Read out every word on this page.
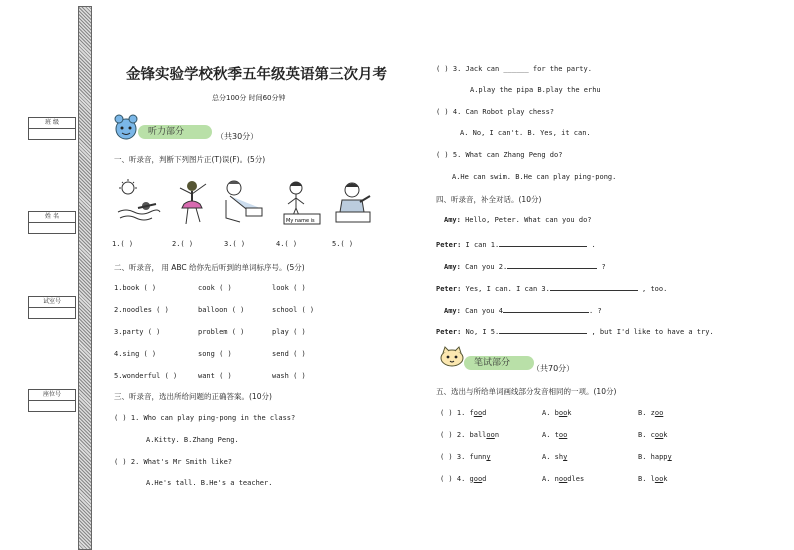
班 级
姓 名
试室号
座位号
金锋实验学校秋季五年级英语第三次月考
总分100分 时间60分钟
听力部分	（共30分）
一、听录音，判断下列图片正(T)误(F)。(5分)
My name is
1.( )	2.( )	3.( )	4.( )	5.( )
二、听录音， 用 ABC 给你先后听到的单词标序号。(5分)
1.book ( )	cook ( )	look ( )
2.noodles ( )	balloon ( )	school ( )
3.party ( )	problem ( )	play ( )
4.sing ( )	song ( )	send ( )
5.wonderful ( )	want ( )	wash ( )
三、听录音，选出所给问题的正确答案。(10分)
( ) 1. Who can play ping-pong in the class?
A.Kitty. B.Zhang Peng.
( ) 2. What's Mr Smith like?
A.He's tall. B.He's a teacher.
( ) 3. Jack can ______ for the party.
A.play the pipa B.play the erhu
( ) 4. Can Robot play chess?
A. No, I can't. B. Yes, it can.
( ) 5. What can Zhang Peng do?
A.He can swim. B.He can play ping-pong.
四、听录音，补全对话。(10分)
Amy: Hello, Peter. What can you do?
Peter: I can 1.	.
Amy: Can you 2.	?
Peter: Yes, I can. I can 3.	, too.
Amy: Can you 4	. ?
Peter: No, I 5.	, but I'd like to have a try.
笔试部分
（共70分）
五、选出与所给单词画线部分发音相同的一项。(10分)
( ) 1. food	A. book	B. zoo
( ) 2. balloon	A. too	B. cook
( ) 3. funny	A. shy	B. happy
( ) 4. good	A. noodles	B. look
